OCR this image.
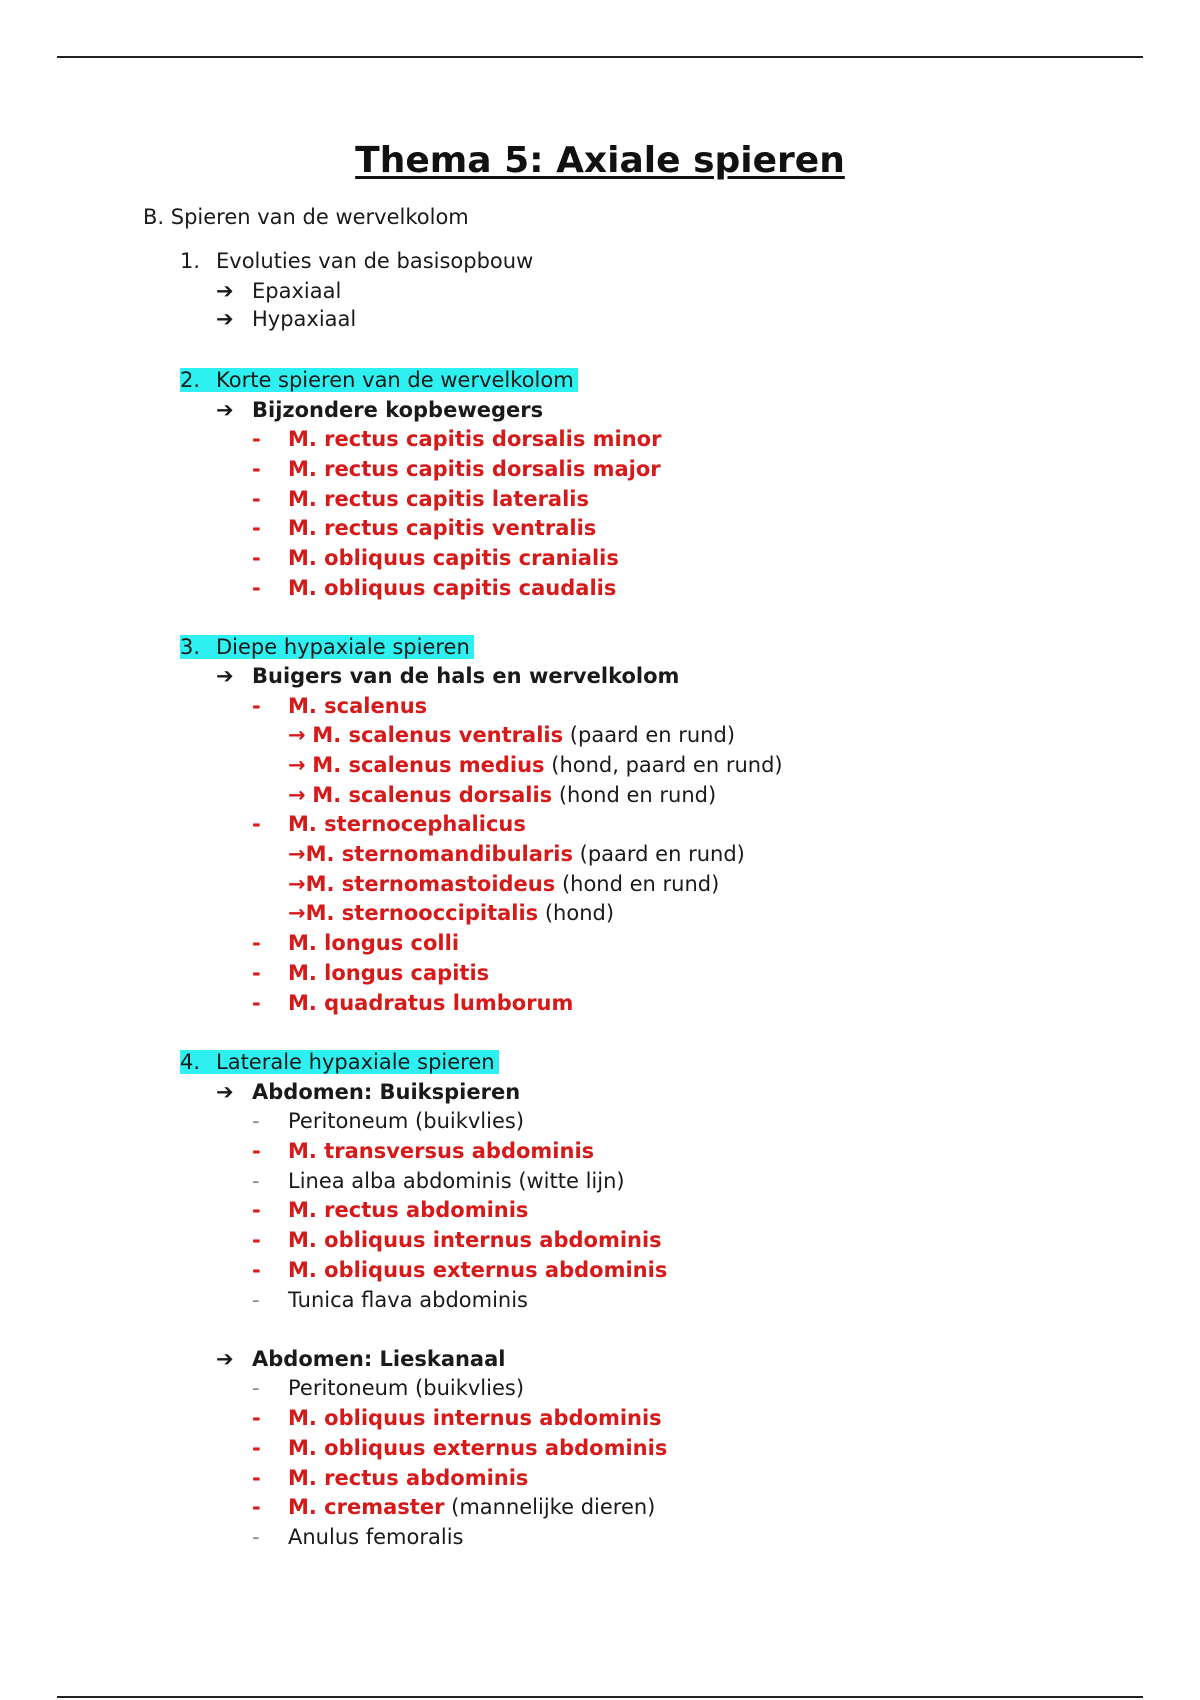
Thema 5: Axiale spieren
B. Spieren van de wervelkolom
1. Evoluties van de basisopbouw
➔ Epaxiaal
➔ Hypaxiaal
2. Korte spieren van de wervelkolom
➔ Bijzondere kopbewegers
- M. rectus capitis dorsalis minor
- M. rectus capitis dorsalis major
- M. rectus capitis lateralis
- M. rectus capitis ventralis
- M. obliquus capitis cranialis
- M. obliquus capitis caudalis
3. Diepe hypaxiale spieren
➔ Buigers van de hals en wervelkolom
- M. scalenus
→ M. scalenus ventralis (paard en rund)
→ M. scalenus medius (hond, paard en rund)
→ M. scalenus dorsalis (hond en rund)
- M. sternocephalicus
→M. sternomandibularis (paard en rund)
→M. sternomastoideus (hond en rund)
→M. sternooccipitalis (hond)
- M. longus colli
- M. longus capitis
- M. quadratus lumborum
4. Laterale hypaxiale spieren
➔ Abdomen: Buikspieren
- Peritoneum (buikvlies)
- M. transversus abdominis
- Linea alba abdominis (witte lijn)
- M. rectus abdominis
- M. obliquus internus abdominis
- M. obliquus externus abdominis
- Tunica flava abdominis
➔ Abdomen: Lieskanaal
- Peritoneum (buikvlies)
- M. obliquus internus abdominis
- M. obliquus externus abdominis
- M. rectus abdominis
- M. cremaster (mannelijke dieren)
- Anulus femoralis
